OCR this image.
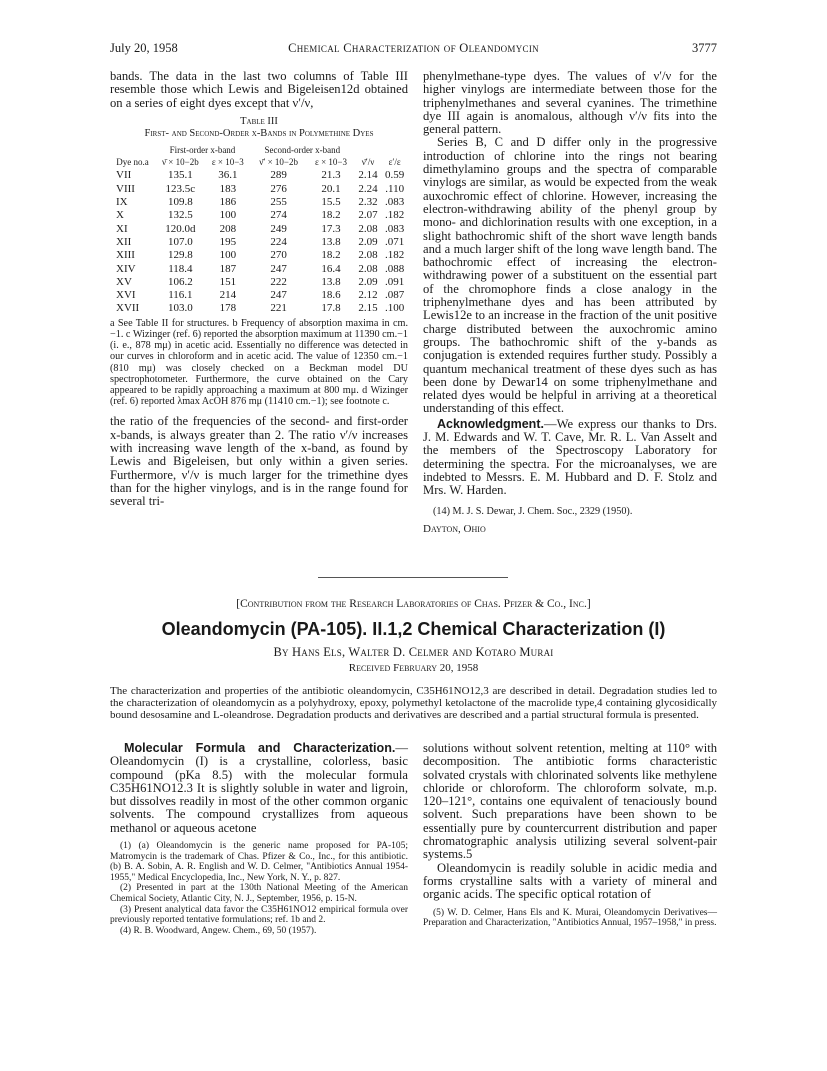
July 20, 1958	Chemical Characterization of Oleandomycin	3777

bands. The data in the last two columns of Table III resemble those which Lewis and Bigeleisen12d obtained on a series of eight dyes except that ν′/ν,

Table III
First- and Second-Order x-Bands in Polymethine Dyes
	First-order x-band		Second-order x-band			
Dye no.a	ν̄ × 10−2b	ε × 10−3	ν̄′ × 10−2b	ε × 10−3	ν̄′/ν	ε′/ε
VII	135.1	36.1	289	21.3	2.14	0.59
VIII	123.5c	183	276	20.1	2.24	.110
IX	109.8	186	255	15.5	2.32	.083
X	132.5	100	274	18.2	2.07	.182
XI	120.0d	208	249	17.3	2.08	.083
XII	107.0	195	224	13.8	2.09	.071
XIII	129.8	100	270	18.2	2.08	.182
XIV	118.4	187	247	16.4	2.08	.088
XV	106.2	151	222	13.8	2.09	.091
XVI	116.1	214	247	18.6	2.12	.087
XVII	103.0	178	221	17.8	2.15	.100

a See Table II for structures. b Frequency of absorption maxima in cm.−1. c Wizinger (ref. 6) reported the absorption maximum at 11390 cm.−1 (i. e., 878 mμ) in acetic acid. Essentially no difference was detected in our curves in chloroform and in acetic acid. The value of 12350 cm.−1 (810 mμ) was closely checked on a Beckman model DU spectrophotometer. Furthermore, the curve obtained on the Cary appeared to be rapidly approaching a maximum at 800 mμ. d Wizinger (ref. 6) reported λmax AcOH 876 mμ (11410 cm.−1); see footnote c.

the ratio of the frequencies of the second- and first-order x-bands, is always greater than 2. The ratio ν′/ν increases with increasing wave length of the x-band, as found by Lewis and Bigeleisen, but only within a given series. Furthermore, ν′/ν is much larger for the trimethine dyes than for the higher vinylogs, and is in the range found for several tri-

phenylmethane-type dyes. The values of ν′/ν for the higher vinylogs are intermediate between those for the triphenylmethanes and several cyanines. The trimethine dye III again is anomalous, although ν′/ν fits into the general pattern.

Series B, C and D differ only in the progressive introduction of chlorine into the rings not bearing dimethylamino groups and the spectra of comparable vinylogs are similar, as would be expected from the weak auxochromic effect of chlorine. However, increasing the electron-withdrawing ability of the phenyl group by mono- and dichlorination results with one exception, in a slight bathochromic shift of the short wave length bands and a much larger shift of the long wave length band. The bathochromic effect of increasing the electron-withdrawing power of a substituent on the essential part of the chromophore finds a close analogy in the triphenylmethane dyes and has been attributed by Lewis12e to an increase in the fraction of the unit positive charge distributed between the auxochromic amino groups. The bathochromic shift of the y-bands as conjugation is extended requires further study. Possibly a quantum mechanical treatment of these dyes such as has been done by Dewar14 on some triphenylmethane and related dyes would be helpful in arriving at a theoretical understanding of this effect.

Acknowledgment.—We express our thanks to Drs. J. M. Edwards and W. T. Cave, Mr. R. L. Van Asselt and the members of the Spectroscopy Laboratory for determining the spectra. For the microanalyses, we are indebted to Messrs. E. M. Hubbard and D. F. Stolz and Mrs. W. Harden.

(14) M. J. S. Dewar, J. Chem. Soc., 2329 (1950).

Dayton, Ohio

[Contribution from the Research Laboratories of Chas. Pfizer & Co., Inc.]
Oleandomycin (PA-105). II.1,2 Chemical Characterization (I)
By Hans Els, Walter D. Celmer and Kotaro Murai
Received February 20, 1958
The characterization and properties of the antibiotic oleandomycin, C35H61NO12,3 are described in detail. Degradation studies led to the characterization of oleandomycin as a polyhydroxy, epoxy, polymethyl ketolactone of the macrolide type,4 containing glycosidically bound desosamine and L-oleandrose. Degradation products and derivatives are described and a partial structural formula is presented.

Molecular Formula and Characterization.—Oleandomycin (I) is a crystalline, colorless, basic compound (pKa 8.5) with the molecular formula C35H61NO12.3 It is slightly soluble in water and ligroin, but dissolves readily in most of the other common organic solvents. The compound crystallizes from aqueous methanol or aqueous acetone

(1) (a) Oleandomycin is the generic name proposed for PA-105; Matromycin is the trademark of Chas. Pfizer & Co., Inc., for this antibiotic. (b) B. A. Sobin, A. R. English and W. D. Celmer, "Antibiotics Annual 1954-1955," Medical Encyclopedia, Inc., New York, N. Y., p. 827.

(2) Presented in part at the 130th National Meeting of the American Chemical Society, Atlantic City, N. J., September, 1956, p. 15-N.

(3) Present analytical data favor the C35H61NO12 empirical formula over previously reported tentative formulations; ref. 1b and 2.

(4) R. B. Woodward, Angew. Chem., 69, 50 (1957).

solutions without solvent retention, melting at 110° with decomposition. The antibiotic forms characteristic solvated crystals with chlorinated solvents like methylene chloride or chloroform. The chloroform solvate, m.p. 120–121°, contains one equivalent of tenaciously bound solvent. Such preparations have been shown to be essentially pure by countercurrent distribution and paper chromatographic analysis utilizing several solvent-pair systems.5

Oleandomycin is readily soluble in acidic media and forms crystalline salts with a variety of mineral and organic acids. The specific optical rotation of

(5) W. D. Celmer, Hans Els and K. Murai, Oleandomycin Derivatives—Preparation and Characterization, "Antibiotics Annual, 1957–1958," in press.
